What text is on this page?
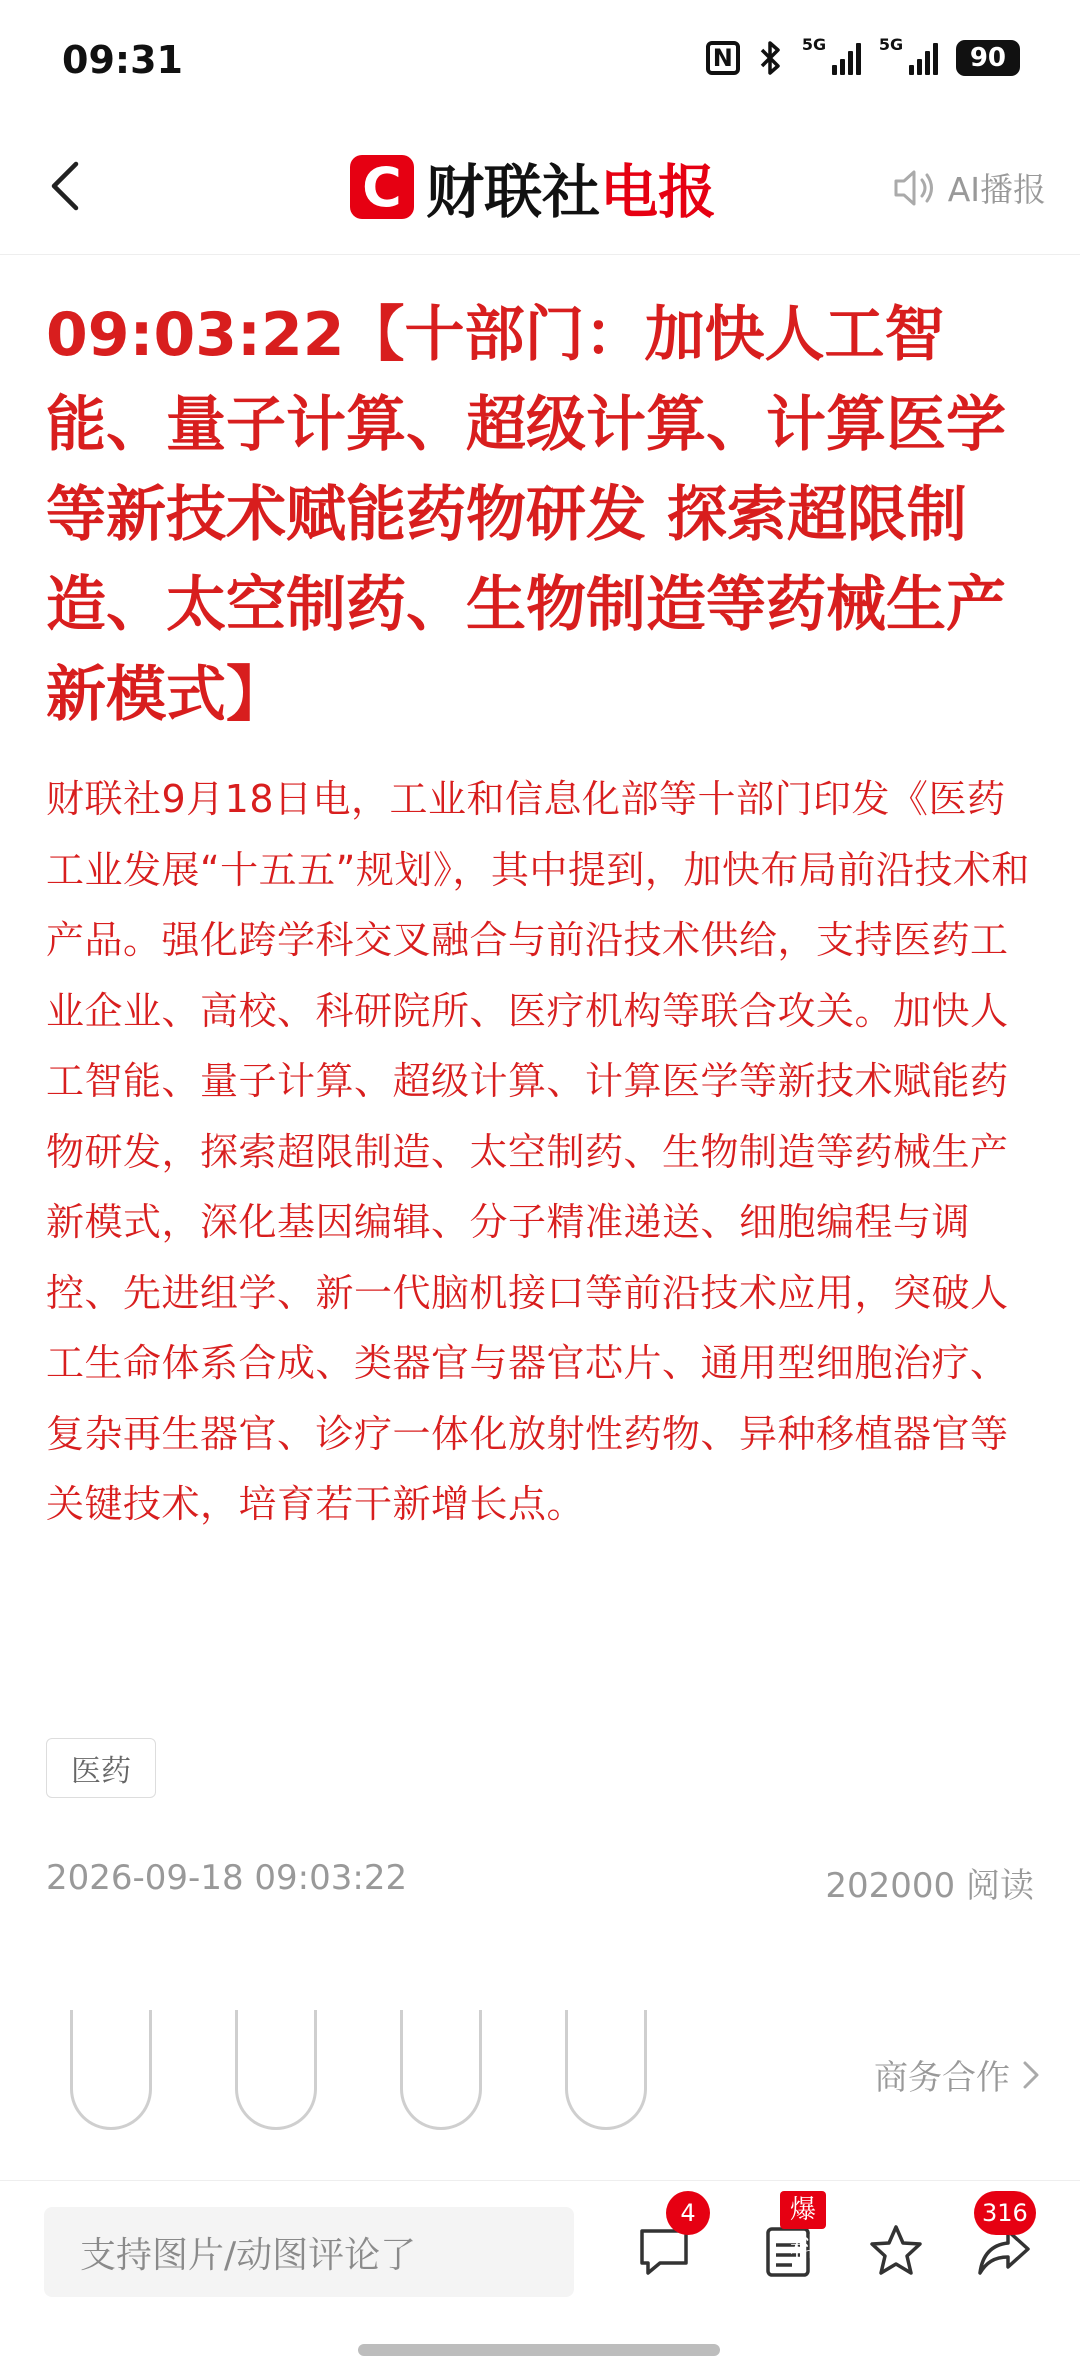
09:31	N	5G	5G	90
C 财联社 电报	AI播报
09:03:22【十部门：加快人工智能、量子计算、超级计算、计算医学等新技术赋能药物研发 探索超限制造、太空制药、生物制造等药械生产新模式】

财联社9月18日电，工业和信息化部等十部门印发《医药工业发展“十五五”规划》，其中提到，加快布局前沿技术和产品。强化跨学科交叉融合与前沿技术供给，支持医药工业企业、高校、科研院所、医疗机构等联合攻关。加快人工智能、量子计算、超级计算、计算医学等新技术赋能药物研发，探索超限制造、太空制药、生物制造等药械生产新模式，深化基因编辑、分子精准递送、细胞编程与调控、先进组学、新一代脑机接口等前沿技术应用，突破人工生命体系合成、类器官与器官芯片、通用型细胞治疗、复杂再生器官、诊疗一体化放射性药物、异种移植器官等关键技术，培育若干新增长点。

医药
2026-09-18 09:03:22	202000 阅读
商务合作
支持图片/动图评论了
4	爆料
316
